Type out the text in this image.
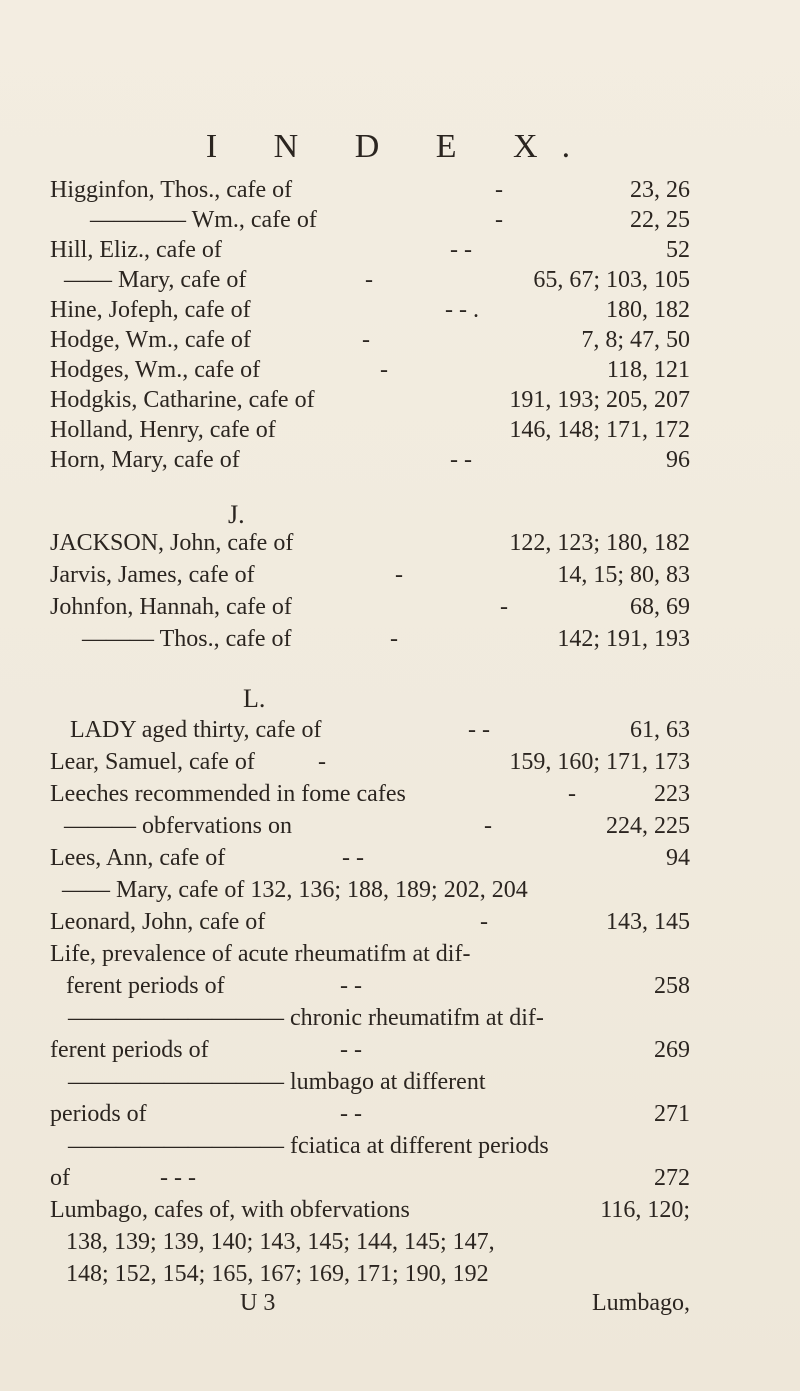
I N D E X.
Higginfon, Thos., cafe of	-	23, 26
———— Wm., cafe of	-	22, 25
Hill, Eliz., cafe of	- -	52
—— Mary, cafe of	-	65, 67; 103, 105
Hine, Jofeph, cafe of	- - .	180, 182
Hodge, Wm., cafe of	-	7, 8; 47, 50
Hodges, Wm., cafe of	-	118, 121
Hodgkis, Catharine, cafe of	191, 193; 205, 207
Holland, Henry, cafe of	146, 148; 171, 172
Horn, Mary, cafe of	- -	96
J.
JACKSON, John, cafe of	122, 123; 180, 182
Jarvis, James, cafe of	-	14, 15; 80, 83
Johnfon, Hannah, cafe of	-	68, 69
——— Thos., cafe of	-	142; 191, 193
L.
LADY aged thirty, cafe of	- -	61, 63
Lear, Samuel, cafe of	-	159, 160; 171, 173
Leeches recommended in fome cafes	-	223
——— obfervations on	-	224, 225
Lees, Ann, cafe of	- -	94
—— Mary, cafe of 132, 136; 188, 189; 202, 204
Leonard, John, cafe of	-	143, 145
Life, prevalence of acute rheumatifm at dif-
ferent periods of	- -	258
————————— chronic rheumatifm at dif-
ferent periods of	- -	269
————————— lumbago at different
periods of	- -	271
————————— fciatica at different periods
of	- - -	272
Lumbago, cafes of, with obfervations	116, 120;
138, 139; 139, 140; 143, 145; 144, 145; 147,
148; 152, 154; 165, 167; 169, 171; 190, 192
U 3	Lumbago,
